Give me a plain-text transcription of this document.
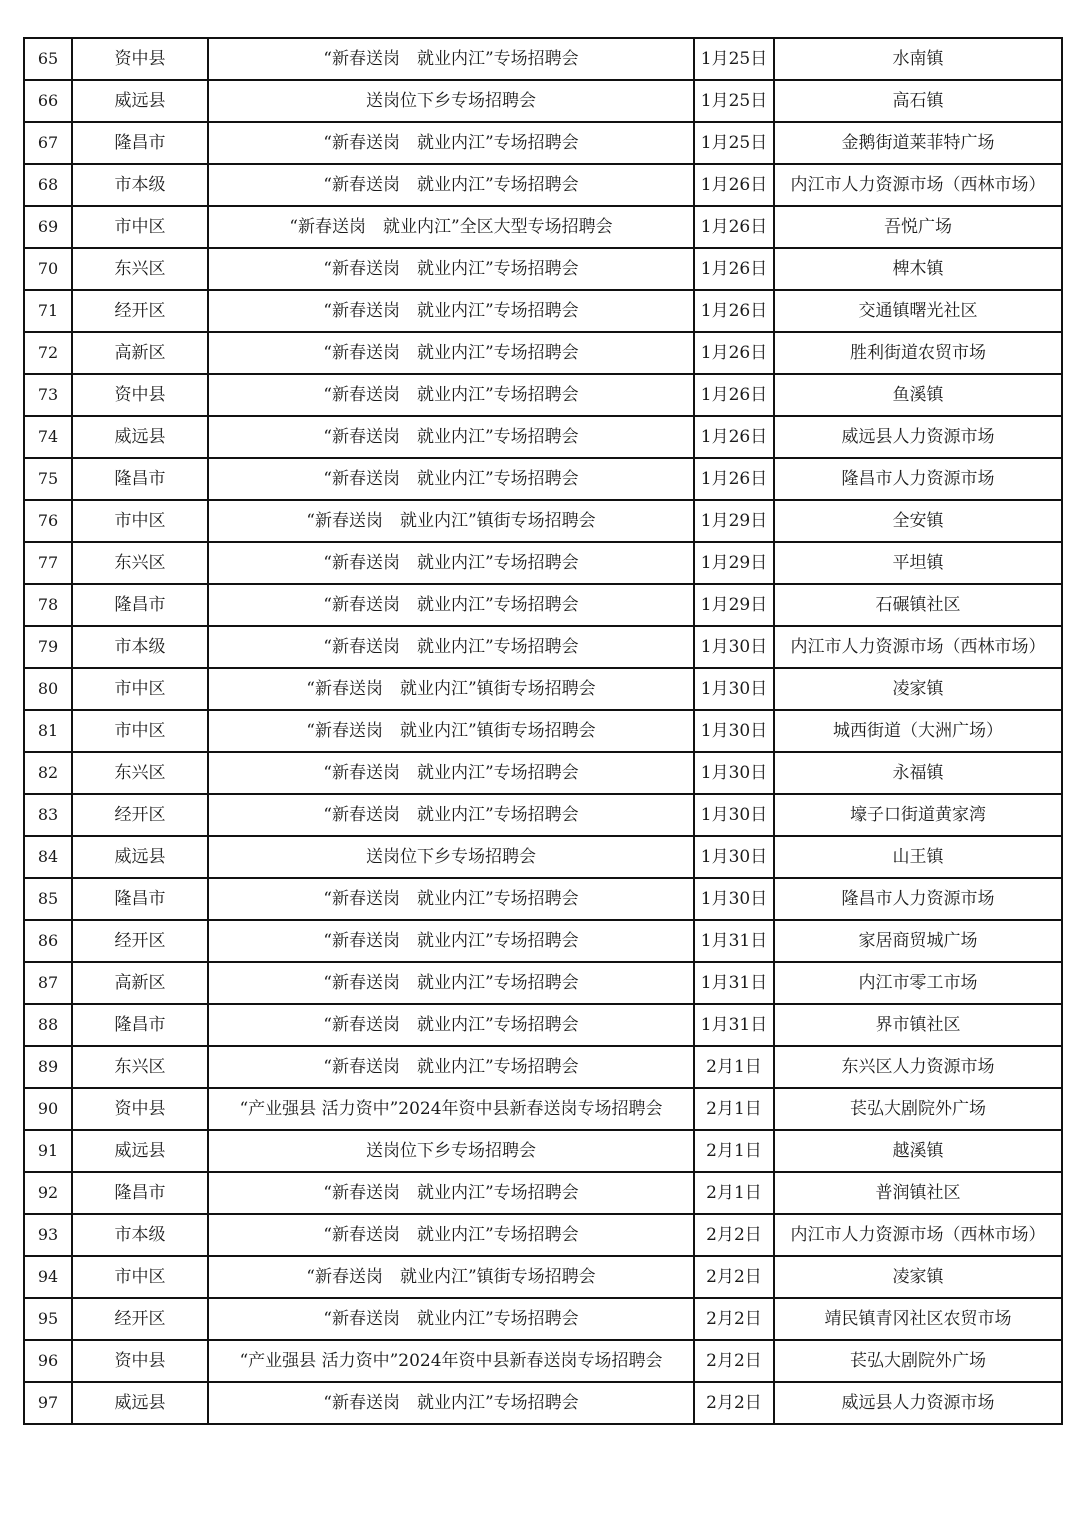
65	资中县	“新春送岗　就业内江”专场招聘会	1月25日	水南镇
66	威远县	送岗位下乡专场招聘会	1月25日	高石镇
67	隆昌市	“新春送岗　就业内江”专场招聘会	1月25日	金鹅街道莱菲特广场
68	市本级	“新春送岗　就业内江”专场招聘会	1月26日	内江市人力资源市场（西林市场）
69	市中区	“新春送岗　就业内江”全区大型专场招聘会	1月26日	吾悦广场
70	东兴区	“新春送岗　就业内江”专场招聘会	1月26日	椑木镇
71	经开区	“新春送岗　就业内江”专场招聘会	1月26日	交通镇曙光社区
72	高新区	“新春送岗　就业内江”专场招聘会	1月26日	胜利街道农贸市场
73	资中县	“新春送岗　就业内江”专场招聘会	1月26日	鱼溪镇
74	威远县	“新春送岗　就业内江”专场招聘会	1月26日	威远县人力资源市场
75	隆昌市	“新春送岗　就业内江”专场招聘会	1月26日	隆昌市人力资源市场
76	市中区	“新春送岗　就业内江”镇街专场招聘会	1月29日	全安镇
77	东兴区	“新春送岗　就业内江”专场招聘会	1月29日	平坦镇
78	隆昌市	“新春送岗　就业内江”专场招聘会	1月29日	石碾镇社区
79	市本级	“新春送岗　就业内江”专场招聘会	1月30日	内江市人力资源市场（西林市场）
80	市中区	“新春送岗　就业内江”镇街专场招聘会	1月30日	凌家镇
81	市中区	“新春送岗　就业内江”镇街专场招聘会	1月30日	城西街道（大洲广场）
82	东兴区	“新春送岗　就业内江”专场招聘会	1月30日	永福镇
83	经开区	“新春送岗　就业内江”专场招聘会	1月30日	壕子口街道黄家湾
84	威远县	送岗位下乡专场招聘会	1月30日	山王镇
85	隆昌市	“新春送岗　就业内江”专场招聘会	1月30日	隆昌市人力资源市场
86	经开区	“新春送岗　就业内江”专场招聘会	1月31日	家居商贸城广场
87	高新区	“新春送岗　就业内江”专场招聘会	1月31日	内江市零工市场
88	隆昌市	“新春送岗　就业内江”专场招聘会	1月31日	界市镇社区
89	东兴区	“新春送岗　就业内江”专场招聘会	2月1日	东兴区人力资源市场
90	资中县	“产业强县 活力资中”2024年资中县新春送岗专场招聘会	2月1日	苌弘大剧院外广场
91	威远县	送岗位下乡专场招聘会	2月1日	越溪镇
92	隆昌市	“新春送岗　就业内江”专场招聘会	2月1日	普润镇社区
93	市本级	“新春送岗　就业内江”专场招聘会	2月2日	内江市人力资源市场（西林市场）
94	市中区	“新春送岗　就业内江”镇街专场招聘会	2月2日	凌家镇
95	经开区	“新春送岗　就业内江”专场招聘会	2月2日	靖民镇青冈社区农贸市场
96	资中县	“产业强县 活力资中”2024年资中县新春送岗专场招聘会	2月2日	苌弘大剧院外广场
97	威远县	“新春送岗　就业内江”专场招聘会	2月2日	威远县人力资源市场
